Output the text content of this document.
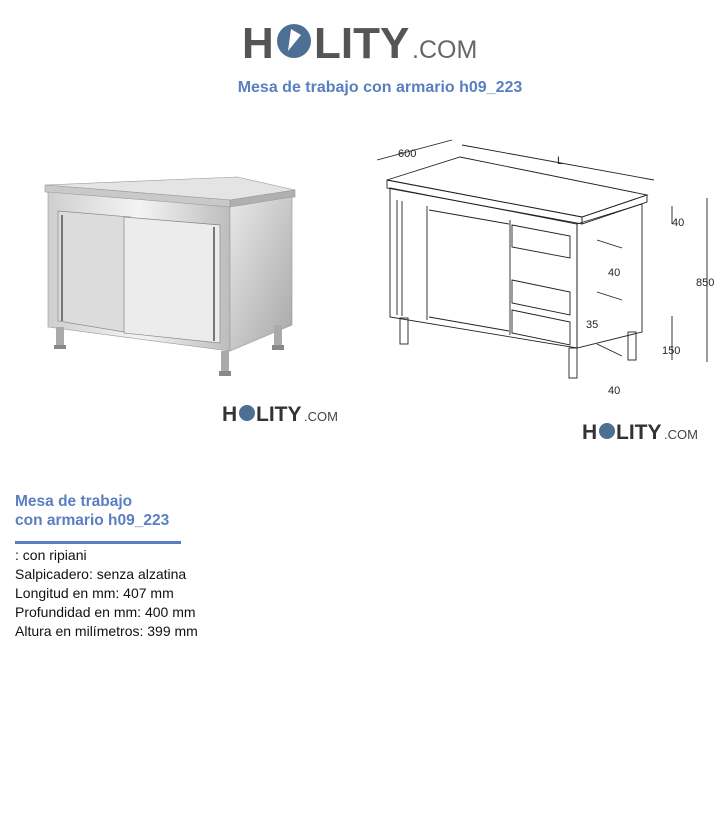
H LITY .COM
Mesa de trabajo con armario h09_223
H LITY .COM
600
L
40
850
40
35
150
40
H LITY .COM
Mesa de trabajo
con armario h09_223
: con ripiani
Salpicadero: senza alzatina
Longitud en mm: 407 mm
Profundidad en mm: 400 mm
Altura en milímetros: 399 mm
